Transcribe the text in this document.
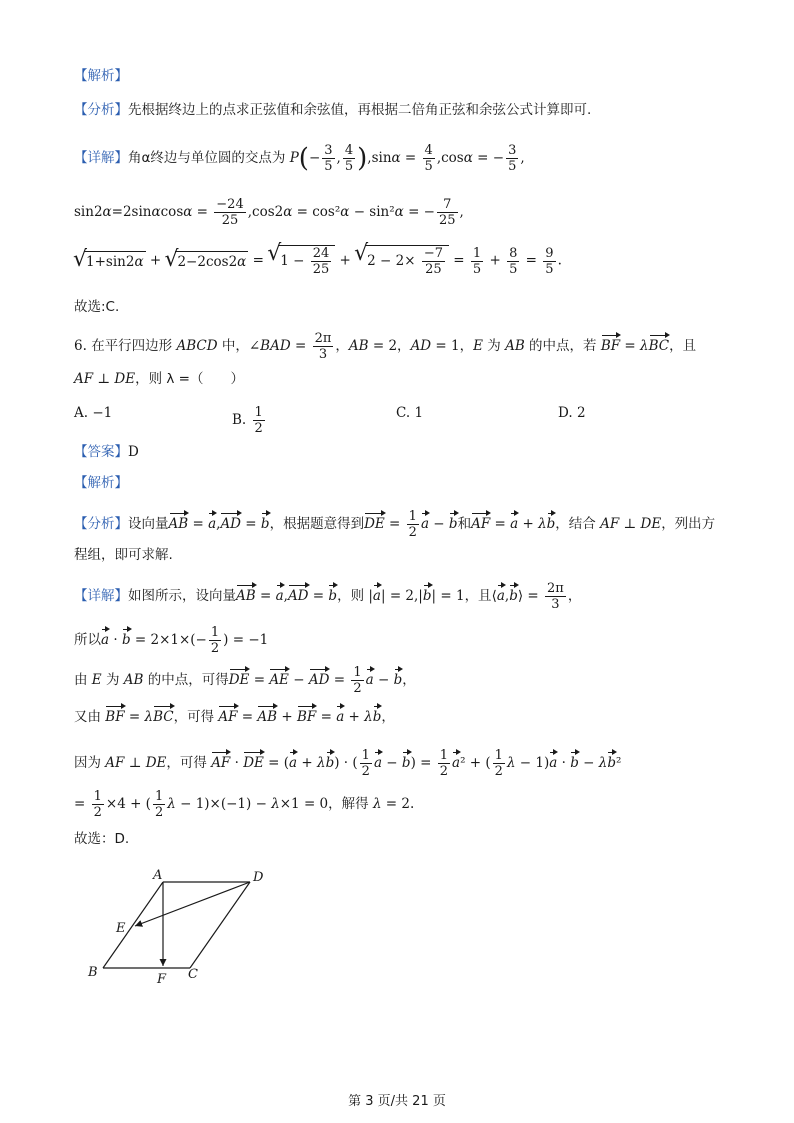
【解析】
【分析】先根据终边上的点求正弦值和余弦值，再根据二倍角正弦和余弦公式计算即可.
【详解】角α终边与单位圆的交点为 $P(- \frac{3}{5}$ , $\frac{4}{5} ),\sin\alpha = \frac{4}{5} ,\cos\alpha$ = − $\frac{3}{5}$ ,
$\sin 2\alpha=2\sin\alpha\cos\alpha = \frac{-24}{25} ,\cos 2\alpha = \cos^2\alpha - \sin^2\alpha$ = − $\frac{7}{25}$ ,
√ 1+sin2α + √ 2−2cos2α = √ $1 - \frac{24}{25}$ + √ $2 - 2\times \frac{-7}{25} = \frac{1}{5} + \frac{8}{5} = \frac{9}{5}$ .
故选:C.
6. 在平行四边形 ABCD 中，∠BAD = $\frac{2\pi}{3}$ ，AB = 2，AD = 1，E 为 AB 的中点，若 BF = λBC，且
AF ⊥ DE，则 λ =（　　）
A. −1	B. $\frac{1}{2}$	C. 1	D. 2
【答案】D
【解析】
【分析】设向量AB = a,AD = b，根据题意得到DE = $\frac{1}{2}$ a − b和AF = a + λb，结合 AF ⊥ DE，列出方
程组，即可求解.
【详解】如图所示，设向量AB = a,AD = b，则 |a| = 2,|b| = 1，且⟨a,b⟩ = $\frac{2\pi}{3}$ ，
所以$a \cdot b = 2\times 1\times(- \frac{1}{2}$ ) = −1
由 E 为 AB 的中点，可得DE = AE − AD = $\frac{1}{2}$ a − b，
又由 BF = λBC，可得 AF = AB + BF = a + λb，
因为 AF ⊥ DE，可得 AF · DE = (a + λb) · ( $\frac{1}{2}$ $a - b) = \frac{1}{2} a^2$ + ( $\frac{1}{2}$ λ − 1)a · b − λb²
= $\frac{1}{2} \times 4$ + ( $\frac{1}{2}$ λ − 1)×(−1) − λ×1 = 0，解得 λ = 2.
故选：D.
A	D
E
B	F C
第 3 页/共 21 页
